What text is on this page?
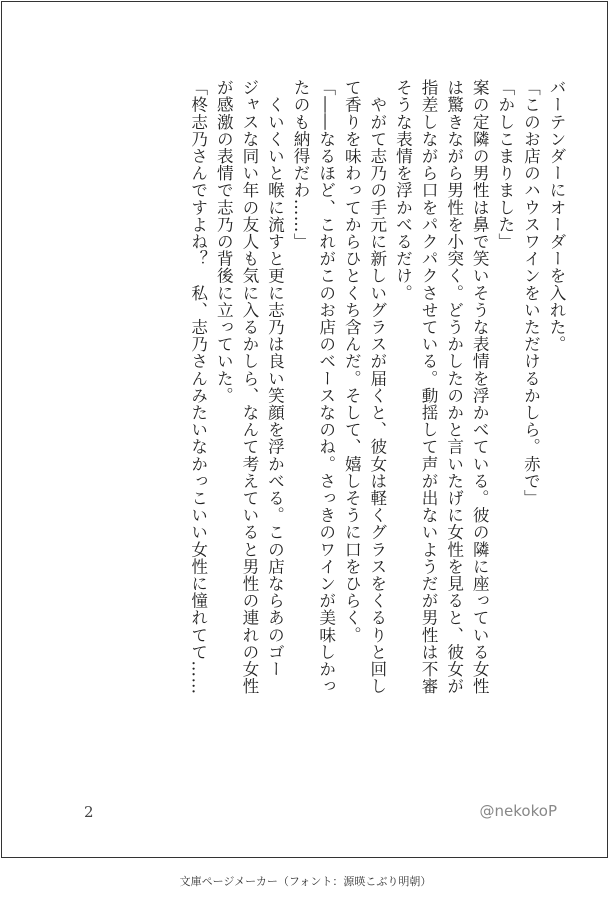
バーテンダーにオーダーを入れた。
「このお店のハウスワインをいただけるかしら。赤で」
「かしこまりました」
案の定隣の男性は鼻で笑いそうな表情を浮かべている。彼の隣に座っている女性
は驚きながら男性を小突く。どうかしたのかと言いたげに女性を見ると、彼女が
指差しながら口をパクパクさせている。動揺して声が出ないようだが男性は不審
そうな表情を浮かべるだけ。
　やがて志乃の手元に新しいグラスが届くと、彼女は軽くグラスをくるりと回し
て香りを味わってからひとくち含んだ。そして、嬉しそうに口をひらく。
「――なるほど、これがこのお店のベースなのね。さっきのワインが美味しかっ
たのも納得だわ……」
　くいくいと喉に流すと更に志乃は良い笑顔を浮かべる。この店ならあのゴー
ジャスな同い年の友人も気に入るかしら、なんて考えていると男性の連れの女性
が感激の表情で志乃の背後に立っていた。
「柊志乃さんですよね？　私、志乃さんみたいなかっこいい女性に憧れてて……
2	@nekokoP
文庫ページメーカー（フォント：源暎こぶり明朝）
